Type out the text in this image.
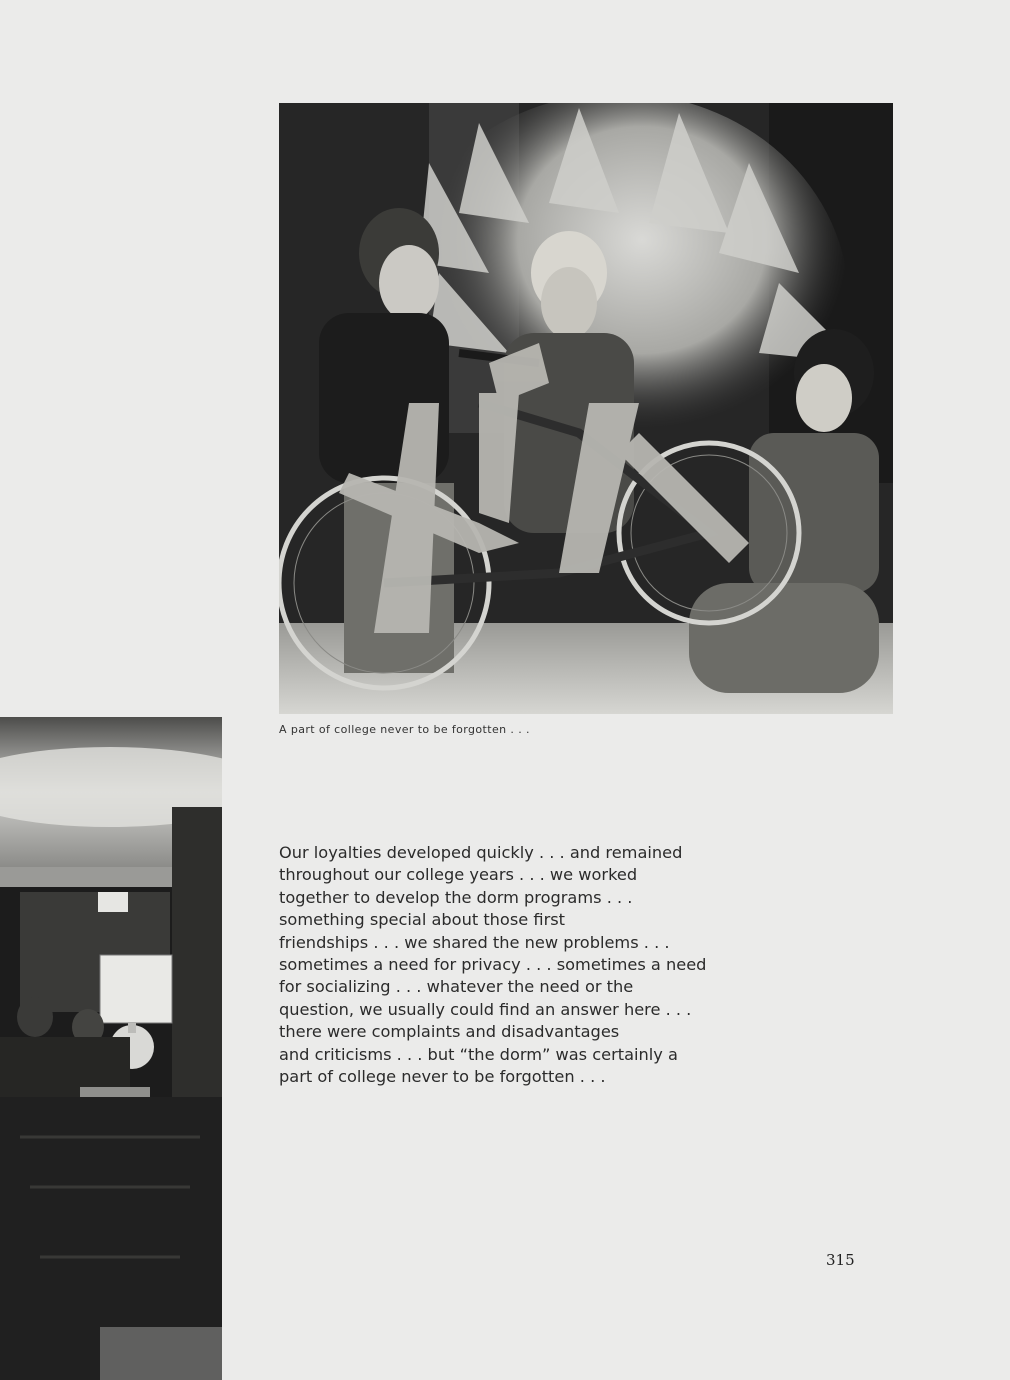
A part of college never to be forgotten . . .
Our loyalties developed quickly . . . and remained
throughout our college years . . . we worked
together to develop the dorm programs . . .
something special about those first
friendships . . . we shared the new problems . . .
sometimes a need for privacy . . . sometimes a need
for socializing . . . whatever the need or the
question, we usually could find an answer here . . .
there were complaints and disadvantages
and criticisms . . . but “the dorm” was certainly a
part of college never to be forgotten . . .
315
